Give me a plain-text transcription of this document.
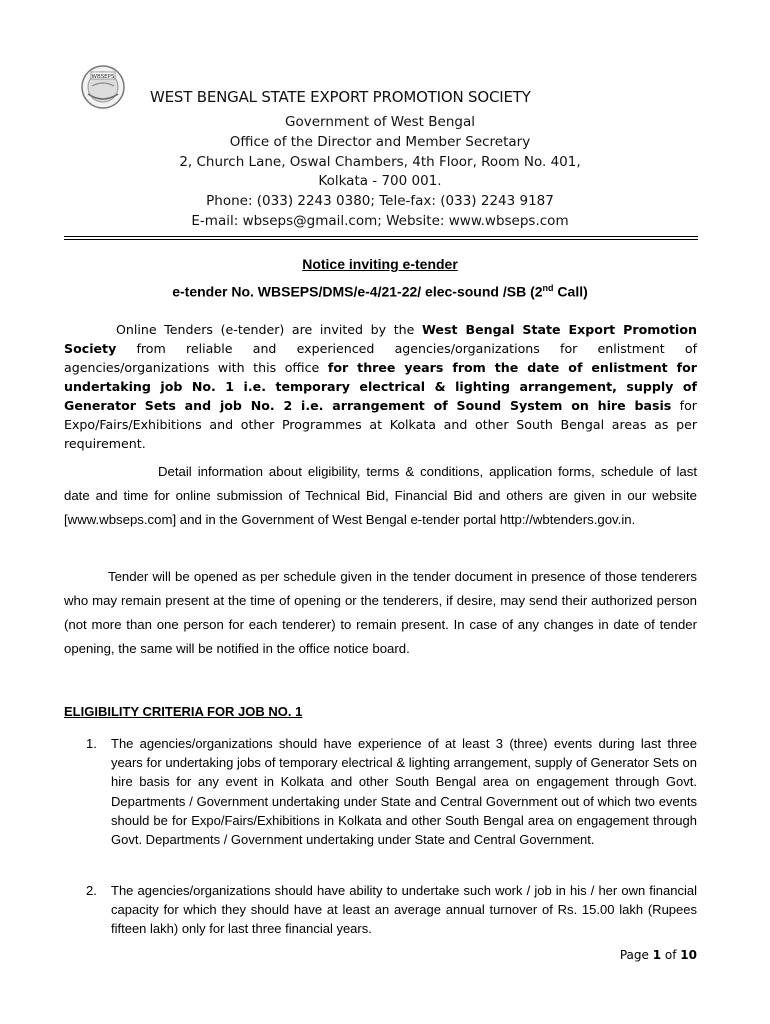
WBSEPS
WEST BENGAL STATE EXPORT PROMOTION SOCIETY
Government of West Bengal
Office of the Director and Member Secretary
2, Church Lane, Oswal Chambers, 4th Floor, Room No. 401,
Kolkata - 700 001.
Phone: (033) 2243 0380; Tele-fax: (033) 2243 9187
E-mail: wbseps@gmail.com; Website: www.wbseps.com
Notice inviting e-tender
e-tender No. WBSEPS/DMS/e-4/21-22/ elec-sound /SB (2nd Call)
Online Tenders (e-tender) are invited by the West Bengal State Export Promotion Society from reliable and experienced agencies/organizations for enlistment of agencies/organizations with this office for three years from the date of enlistment for undertaking job No. 1 i.e. temporary electrical & lighting arrangement, supply of Generator Sets and job No. 2 i.e. arrangement of Sound System on hire basis for Expo/Fairs/Exhibitions and other Programmes at Kolkata and other South Bengal areas as per requirement.
Detail information about eligibility, terms & conditions, application forms, schedule of last date and time for online submission of Technical Bid, Financial Bid and others are given in our website [www.wbseps.com] and in the Government of West Bengal e-tender portal http://wbtenders.gov.in.
Tender will be opened as per schedule given in the tender document in presence of those tenderers who may remain present at the time of opening or the tenderers, if desire, may send their authorized person (not more than one person for each tenderer) to remain present. In case of any changes in date of tender opening, the same will be notified in the office notice board.
ELIGIBILITY CRITERIA FOR JOB NO. 1
1. The agencies/organizations should have experience of at least 3 (three) events during last three years for undertaking jobs of temporary electrical & lighting arrangement, supply of Generator Sets on hire basis for any event in Kolkata and other South Bengal area on engagement through Govt. Departments / Government undertaking under State and Central Government out of which two events should be for Expo/Fairs/Exhibitions in Kolkata and other South Bengal area on engagement through Govt. Departments / Government undertaking under State and Central Government.
2. The agencies/organizations should have ability to undertake such work / job in his / her own financial capacity for which they should have at least an average annual turnover of Rs. 15.00 lakh (Rupees fifteen lakh) only for last three financial years.
Page 1 of 10
